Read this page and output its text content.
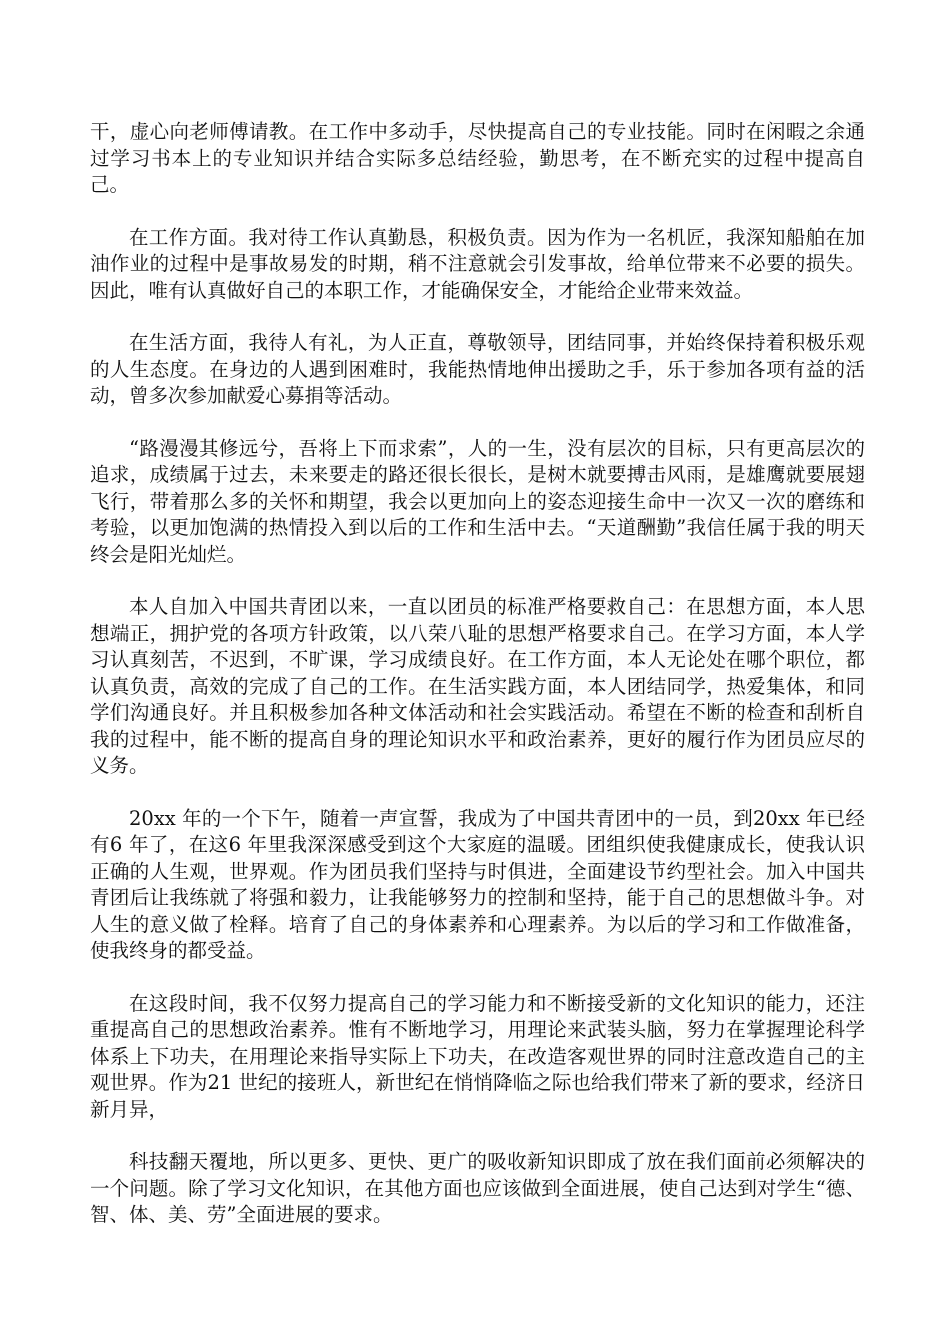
干，虚心向老师傅请教。在工作中多动手，尽快提高自己的专业技能。同时在闲暇之余通过学习书本上的专业知识并结合实际多总结经验，勤思考，在不断充实的过程中提高自己。

在工作方面。我对待工作认真勤恳，积极负责。因为作为一名机匠，我深知船舶在加油作业的过程中是事故易发的时期，稍不注意就会引发事故，给单位带来不必要的损失。因此，唯有认真做好自己的本职工作，才能确保安全，才能给企业带来效益。

在生活方面，我待人有礼，为人正直，尊敬领导，团结同事，并始终保持着积极乐观的人生态度。在身边的人遇到困难时，我能热情地伸出援助之手，乐于参加各项有益的活动，曾多次参加献爱心募捐等活动。

“路漫漫其修远兮，吾将上下而求索”，人的一生，没有层次的目标，只有更高层次的追求，成绩属于过去，未来要走的路还很长很长，是树木就要搏击风雨，是雄鹰就要展翅飞行，带着那么多的关怀和期望，我会以更加向上的姿态迎接生命中一次又一次的磨练和考验，以更加饱满的热情投入到以后的工作和生活中去。“天道酬勤”我信任属于我的明天终会是阳光灿烂。

本人自加入中国共青团以来，一直以团员的标准严格要救自己：在思想方面，本人思想端正，拥护党的各项方针政策，以八荣八耻的思想严格要求自己。在学习方面，本人学习认真刻苦，不迟到，不旷课，学习成绩良好。在工作方面，本人无论处在哪个职位，都认真负责，高效的完成了自己的工作。在生活实践方面，本人团结同学，热爱集体，和同学们沟通良好。并且积极参加各种文体活动和社会实践活动。希望在不断的检查和刮析自我的过程中，能不断的提高自身的理论知识水平和政治素养，更好的履行作为团员应尽的义务。

20xx 年的一个下午，随着一声宣誓，我成为了中国共青团中的一员，到20xx 年已经有6 年了，在这6 年里我深深感受到这个大家庭的温暖。团组织使我健康成长，使我认识正确的人生观，世界观。作为团员我们坚持与时俱进，全面建设节约型社会。加入中国共青团后让我练就了将强和毅力，让我能够努力的控制和坚持，能于自己的思想做斗争。对人生的意义做了栓释。培育了自己的身体素养和心理素养。为以后的学习和工作做准备，使我终身的都受益。

在这段时间，我不仅努力提高自己的学习能力和不断接受新的文化知识的能力，还注重提高自己的思想政治素养。惟有不断地学习，用理论来武装头脑，努力在掌握理论科学体系上下功夫，在用理论来指导实际上下功夫，在改造客观世界的同时注意改造自己的主观世界。作为21 世纪的接班人，新世纪在悄悄降临之际也给我们带来了新的要求，经济日新月异，

科技翻天覆地，所以更多、更快、更广的吸收新知识即成了放在我们面前必须解决的一个问题。除了学习文化知识，在其他方面也应该做到全面进展，使自己达到对学生“德、智、体、美、劳”全面进展的要求。
